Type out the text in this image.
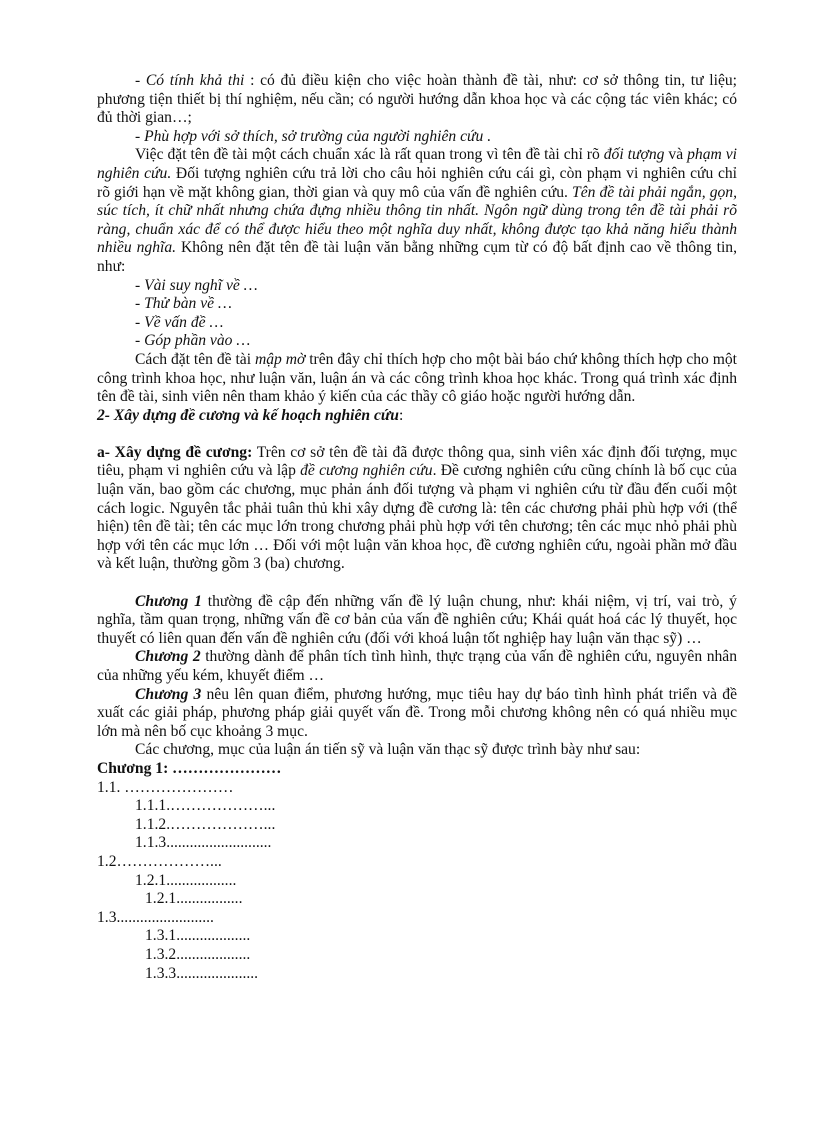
- Có tính khả thi : có đủ điều kiện cho việc hoàn thành đề tài, như: cơ sở thông tin, tư liệu; phương tiện thiết bị thí nghiệm, nếu cần; có người hướng dẫn khoa học và các cộng tác viên khác; có đủ thời gian…;

- Phù hợp với sở thích, sở trường của người nghiên cứu .

Việc đặt tên đề tài một cách chuẩn xác là rất quan trong vì tên đề tài chỉ rõ đối tượng và phạm vi nghiên cứu. Đối tượng nghiên cứu trả lời cho câu hỏi nghiên cứu cái gì, còn phạm vi nghiên cứu chỉ rõ giới hạn về mặt không gian, thời gian và quy mô của vấn đề nghiên cứu. Tên đề tài phải ngắn, gọn, súc tích, ít chữ nhất nhưng chứa đựng nhiều thông tin nhất. Ngôn ngữ dùng trong tên đề tài phải rõ ràng, chuẩn xác để có thể được hiểu theo một nghĩa duy nhất, không được tạo khả năng hiểu thành nhiều nghĩa. Không nên đặt tên đề tài luận văn bằng những cụm từ có độ bất định cao về thông tin, như:

- Vài suy nghĩ về …

- Thử bàn về …

- Về vấn đề …

- Góp phần vào …

Cách đặt tên đề tài mập mờ trên đây chỉ thích hợp cho một bài báo chứ không thích hợp cho một công trình khoa học, như luận văn, luận án và các công trình khoa học khác. Trong quá trình xác định tên đề tài, sinh viên nên tham khảo ý kiến của các thầy cô giáo hoặc người hướng dẫn.

2- Xây dựng đề cương và kế hoạch nghiên cứu:

a- Xây dựng đề cương: Trên cơ sở tên đề tài đã được thông qua, sinh viên xác định đối tượng, mục tiêu, phạm vi nghiên cứu và lập đề cương nghiên cứu. Đề cương nghiên cứu cũng chính là bố cục của luận văn, bao gồm các chương, mục phản ánh đối tượng và phạm vi nghiên cứu từ đầu đến cuối một cách logic. Nguyên tắc phải tuân thủ khi xây dựng đề cương là: tên các chương phải phù hợp với (thể hiện) tên đề tài; tên các mục lớn trong chương phải phù hợp với tên chương; tên các mục nhỏ phải phù hợp với tên các mục lớn … Đối với một luận văn khoa học, đề cương nghiên cứu, ngoài phần mở đầu và kết luận, thường gồm 3 (ba) chương.

Chương 1 thường đề cập đến những vấn đề lý luận chung, như: khái niệm, vị trí, vai trò, ý nghĩa, tầm quan trọng, những vấn đề cơ bản của vấn đề nghiên cứu; Khái quát hoá các lý thuyết, học thuyết có liên quan đến vấn đề nghiên cứu (đối với khoá luận tốt nghiệp hay luận văn thạc sỹ) …

Chương 2 thường dành để phân tích tình hình, thực trạng của vấn đề nghiên cứu, nguyên nhân của những yếu kém, khuyết điểm …

Chương 3 nêu lên quan điểm, phương hướng, mục tiêu hay dự báo tình hình phát triển và đề xuất các giải pháp, phương pháp giải quyết vấn đề. Trong mỗi chương không nên có quá nhiều mục lớn mà nên bố cục khoảng 3 mục.

Các chương, mục của luận án tiến sỹ và luận văn thạc sỹ được trình bày như sau:

Chương 1: …………………

1.1. …………………

1.1.1.………………...

1.1.2.………………...

1.1.3...........................

1.2………………...

1.2.1..................

1.2.1.................

1.3.........................

1.3.1...................

1.3.2...................

1.3.3.....................
